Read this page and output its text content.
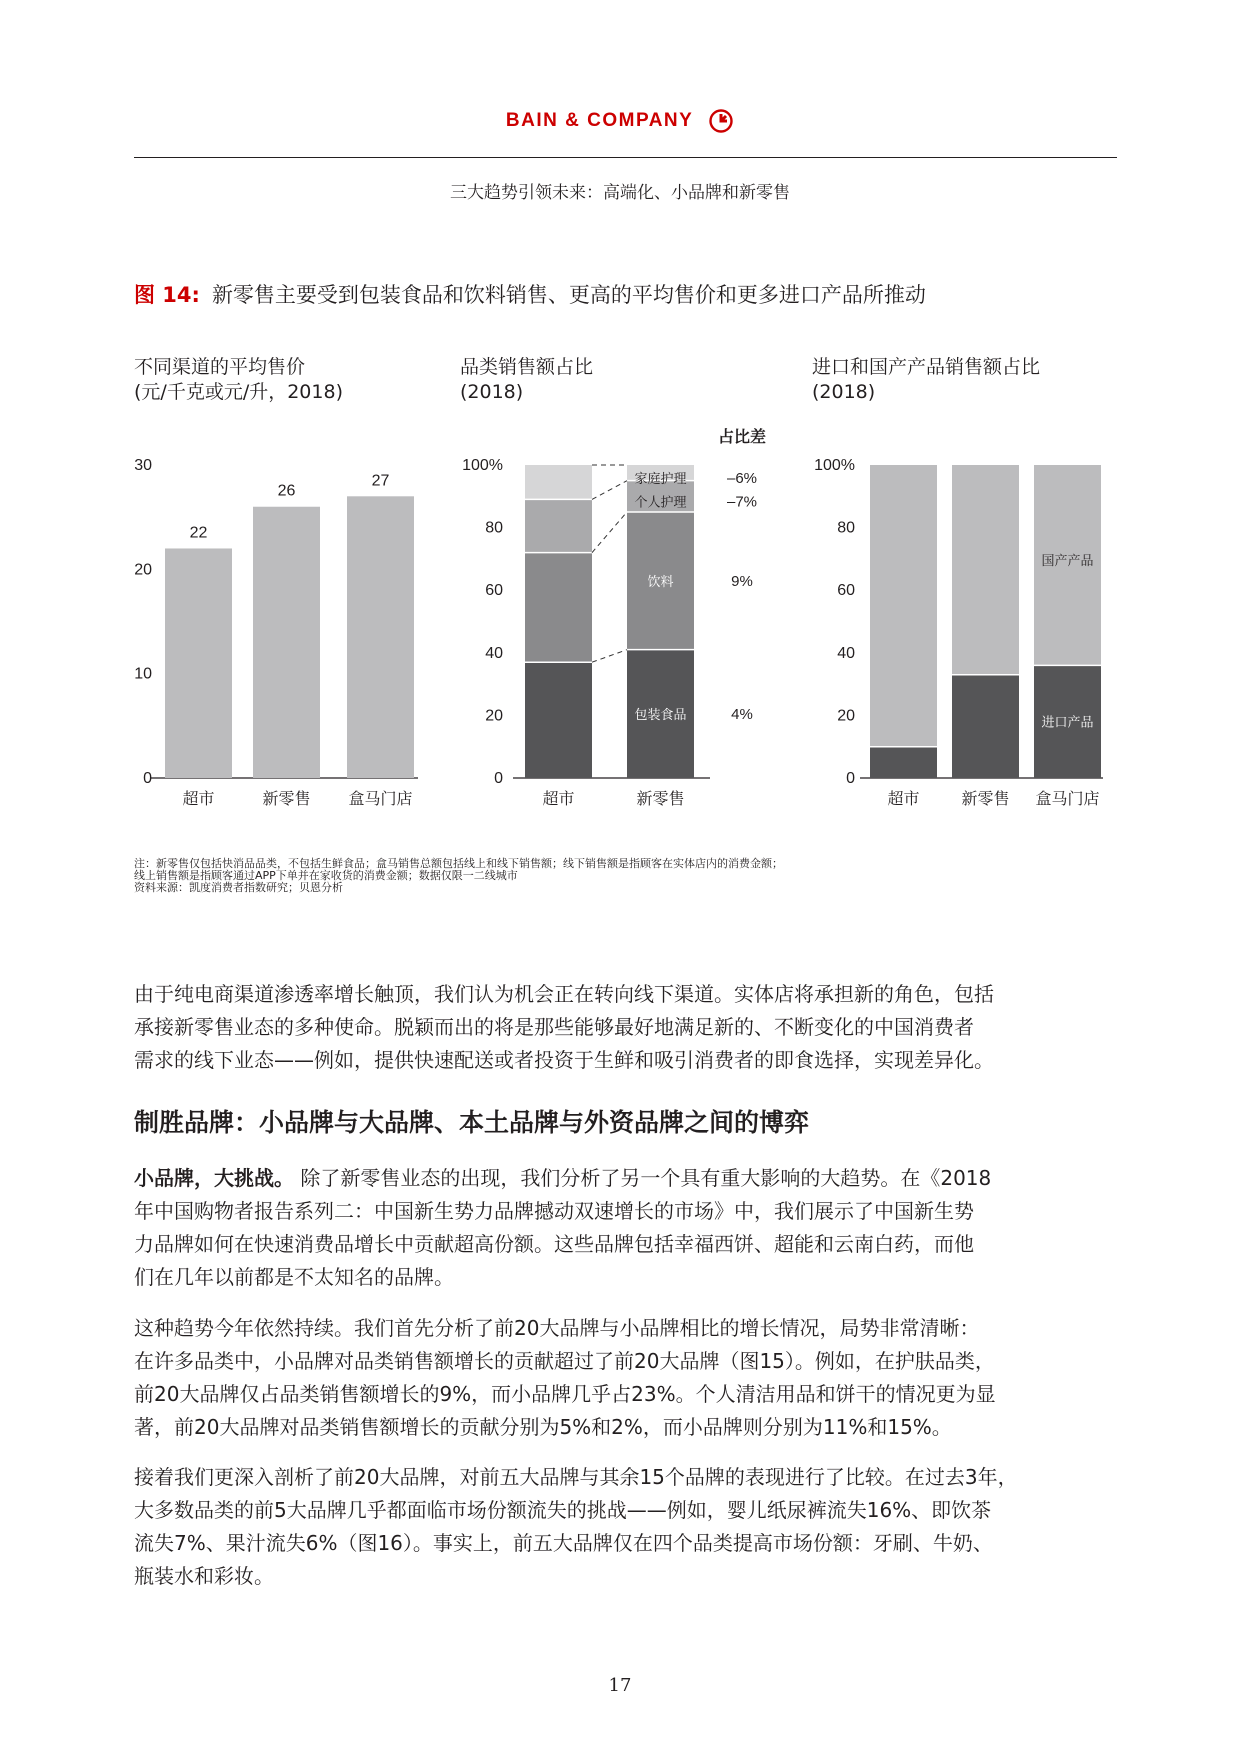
BAIN & COMPANY
三大趋势引领未来：高端化、小品牌和新零售
图 14: 新零售主要受到包装食品和饮料销售、更高的平均售价和更多进口产品所推动
不同渠道的平均售价
(元/千克或元/升，2018)
品类销售额占比
(2018)
进口和国产产品销售额占比
(2018)
0
10
20
30
22
超市
26
新零售
27
盒马门店
0
20
40
60
80
100%
超市	新零售
占比差
包装食品	4%
饮料	9%
个人护理	–7%
家庭护理	–6%
0
20
40
60
80
100%
超市	新零售 盒马门店
进口产品
国产产品
注：新零售仅包括快消品品类，不包括生鲜食品；盒马销售总额包括线上和线下销售额；线下销售额是指顾客在实体店内的消费金额；
线上销售额是指顾客通过APP下单并在家收货的消费金额；数据仅限一二线城市
资料来源：凯度消费者指数研究；贝恩分析
由于纯电商渠道渗透率增长触顶，我们认为机会正在转向线下渠道。实体店将承担新的角色，包括
承接新零售业态的多种使命。脱颖而出的将是那些能够最好地满足新的、不断变化的中国消费者
需求的线下业态——例如，提供快速配送或者投资于生鲜和吸引消费者的即食选择，实现差异化。
制胜品牌：小品牌与大品牌、本土品牌与外资品牌之间的博弈
小品牌，大挑战。 除了新零售业态的出现，我们分析了另一个具有重大影响的大趋势。在《2018
年中国购物者报告系列二：中国新生势力品牌撼动双速增长的市场》中，我们展示了中国新生势
力品牌如何在快速消费品增长中贡献超高份额。这些品牌包括幸福西饼、超能和云南白药，而他
们在几年以前都是不太知名的品牌。
这种趋势今年依然持续。我们首先分析了前20大品牌与小品牌相比的增长情况，局势非常清晰：
在许多品类中，小品牌对品类销售额增长的贡献超过了前20大品牌（图15）。例如，在护肤品类，
前20大品牌仅占品类销售额增长的9%，而小品牌几乎占23%。个人清洁用品和饼干的情况更为显
著，前20大品牌对品类销售额增长的贡献分别为5%和2%，而小品牌则分别为11%和15%。
接着我们更深入剖析了前20大品牌，对前五大品牌与其余15个品牌的表现进行了比较。在过去3年，
大多数品类的前5大品牌几乎都面临市场份额流失的挑战——例如，婴儿纸尿裤流失16%、即饮茶
流失7%、果汁流失6%（图16）。事实上，前五大品牌仅在四个品类提高市场份额：牙刷、牛奶、
瓶装水和彩妆。
17
